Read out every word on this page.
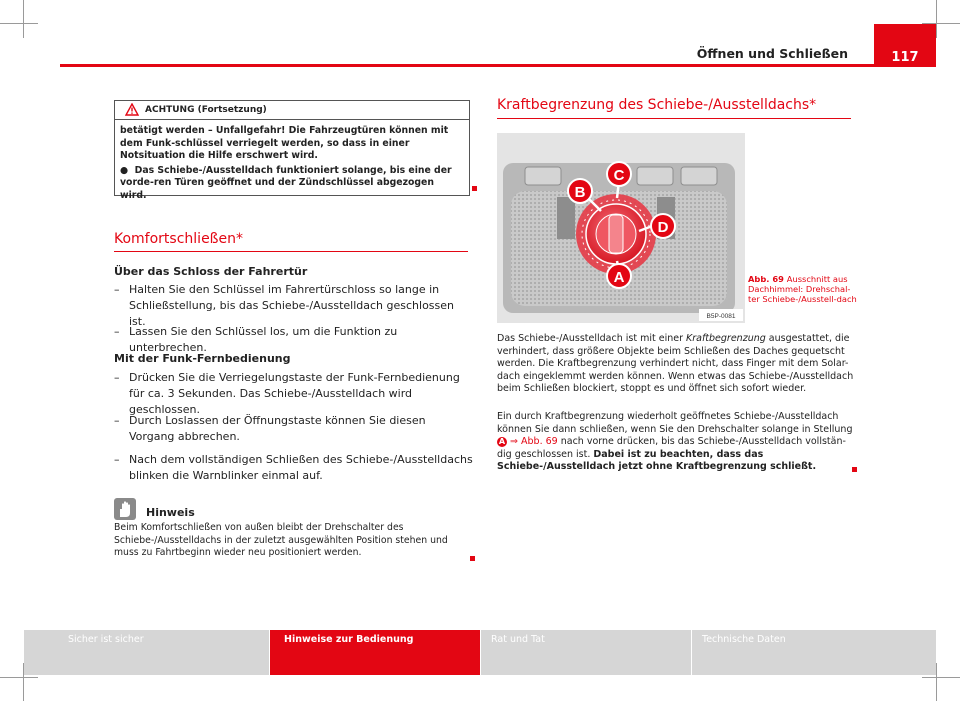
Öffnen und Schließen	117
ACHTUNG (Fortsetzung)

betätigt werden – Unfallgefahr! Die Fahrzeugtüren können mit dem Funk-schlüssel verriegelt werden, so dass in einer Notsituation die Hilfe erschwert wird.

● Das Schiebe-/Ausstelldach funktioniert solange, bis eine der vorde-ren Türen geöffnet und der Zündschlüssel abgezogen wird.

Komfortschließen*
Über das Schloss der Fahrertür
– Halten Sie den Schlüssel im Fahrertürschloss so lange in Schließstellung, bis das Schiebe-/Ausstelldach geschlossen ist.
– Lassen Sie den Schlüssel los, um die Funktion zu unterbrechen.
Mit der Funk-Fernbedienung
– Drücken Sie die Verriegelungstaste der Funk-Fernbedienung für ca. 3 Sekunden. Das Schiebe-/Ausstelldach wird geschlossen.
– Durch Loslassen der Öffnungstaste können Sie diesen Vorgang abbrechen.
– Nach dem vollständigen Schließen des Schiebe-/Ausstelldachs blinken die Warnblinker einmal auf.
Hinweis
Beim Komfortschließen von außen bleibt der Drehschalter des Schiebe-/Ausstelldachs in der zuletzt ausgewählten Position stehen und muss zu Fahrtbeginn wieder neu positioniert werden.
Kraftbegrenzung des Schiebe-/Ausstelldachs*
C
B
D
A
B5P-0081
Abb. 69 Ausschnitt aus Dachhimmel: Drehschal-ter Schiebe-/Ausstell-dach

Das Schiebe-/Ausstelldach ist mit einer Kraftbegrenzung ausgestattet, die verhindert, dass größere Objekte beim Schließen des Daches gequetscht werden. Die Kraftbegrenzung verhindert nicht, dass Finger mit dem Solar-dach eingeklemmt werden können. Wenn etwas das Schiebe-/Ausstelldach beim Schließen blockiert, stoppt es und öffnet sich sofort wieder.

Ein durch Kraftbegrenzung wiederholt geöffnetes Schiebe-/Ausstelldach können Sie dann schließen, wenn Sie den Drehschalter solange in Stellung A ⇒ Abb. 69 nach vorne drücken, bis das Schiebe-/Ausstelldach vollstän-dig geschlossen ist. Dabei ist zu beachten, dass das Schiebe-/Ausstelldach jetzt ohne Kraftbegrenzung schließt.

Sicher ist sicher	Hinweise zur Bedienung	Rat und Tat	Technische Daten
